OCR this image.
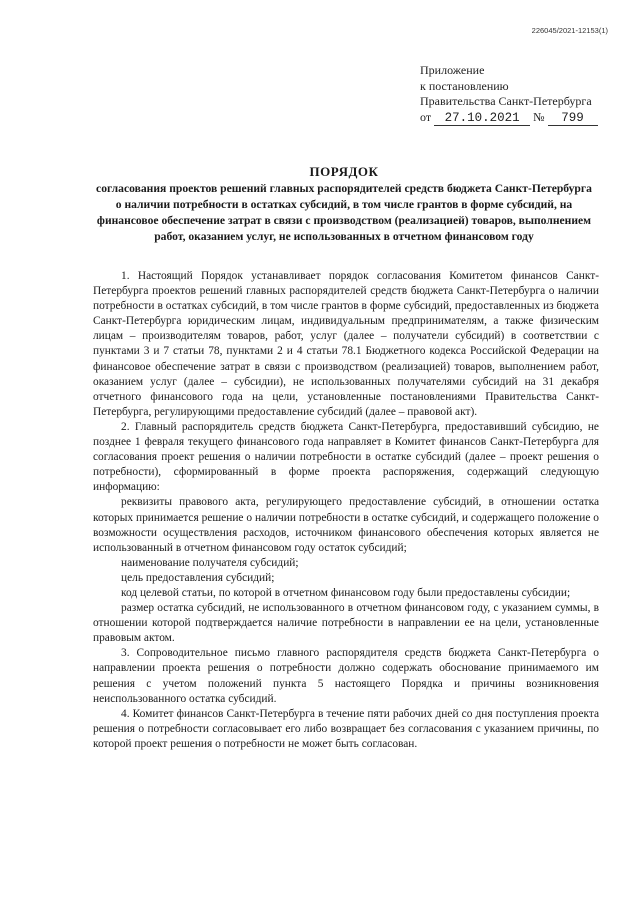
226045/2021-12153(1)
Приложение
к постановлению
Правительства Санкт-Петербурга
от 27.10.2021 № 799
ПОРЯДОК
согласования проектов решений главных распорядителей средств бюджета Санкт-Петербурга о наличии потребности в остатках субсидий, в том числе грантов в форме субсидий, на финансовое обеспечение затрат в связи с производством (реализацией) товаров, выполнением работ, оказанием услуг, не использованных в отчетном финансовом году

1. Настоящий Порядок устанавливает порядок согласования Комитетом финансов Санкт-Петербурга проектов решений главных распорядителей средств бюджета Санкт-Петербурга о наличии потребности в остатках субсидий, в том числе грантов в форме субсидий, предоставленных из бюджета Санкт-Петербурга юридическим лицам, индивидуальным предпринимателям, а также физическим лицам – производителям товаров, работ, услуг (далее – получатели субсидий) в соответствии с пунктами 3 и 7 статьи 78, пунктами 2 и 4 статьи 78.1 Бюджетного кодекса Российской Федерации на финансовое обеспечение затрат в связи с производством (реализацией) товаров, выполнением работ, оказанием услуг (далее – субсидии), не использованных получателями субсидий на 31 декабря отчетного финансового года на цели, установленные постановлениями Правительства Санкт-Петербурга, регулирующими предоставление субсидий (далее – правовой акт).

2. Главный распорядитель средств бюджета Санкт-Петербурга, предоставивший субсидию, не позднее 1 февраля текущего финансового года направляет в Комитет финансов Санкт-Петербурга для согласования проект решения о наличии потребности в остатке субсидий (далее – проект решения о потребности), сформированный в форме проекта распоряжения, содержащий следующую информацию:

реквизиты правового акта, регулирующего предоставление субсидий, в отношении остатка которых принимается решение о наличии потребности в остатке субсидий, и содержащего положение о возможности осуществления расходов, источником финансового обеспечения которых является не использованный в отчетном финансовом году остаток субсидий;

наименование получателя субсидий;

цель предоставления субсидий;

код целевой статьи, по которой в отчетном финансовом году были предоставлены субсидии;

размер остатка субсидий, не использованного в отчетном финансовом году, с указанием суммы, в отношении которой подтверждается наличие потребности в направлении ее на цели, установленные правовым актом.

3. Сопроводительное письмо главного распорядителя средств бюджета Санкт-Петербурга о направлении проекта решения о потребности должно содержать обоснование принимаемого им решения с учетом положений пункта 5 настоящего Порядка и причины возникновения неиспользованного остатка субсидий.

4. Комитет финансов Санкт-Петербурга в течение пяти рабочих дней со дня поступления проекта решения о потребности согласовывает его либо возвращает без согласования с указанием причины, по которой проект решения о потребности не может быть согласован.
